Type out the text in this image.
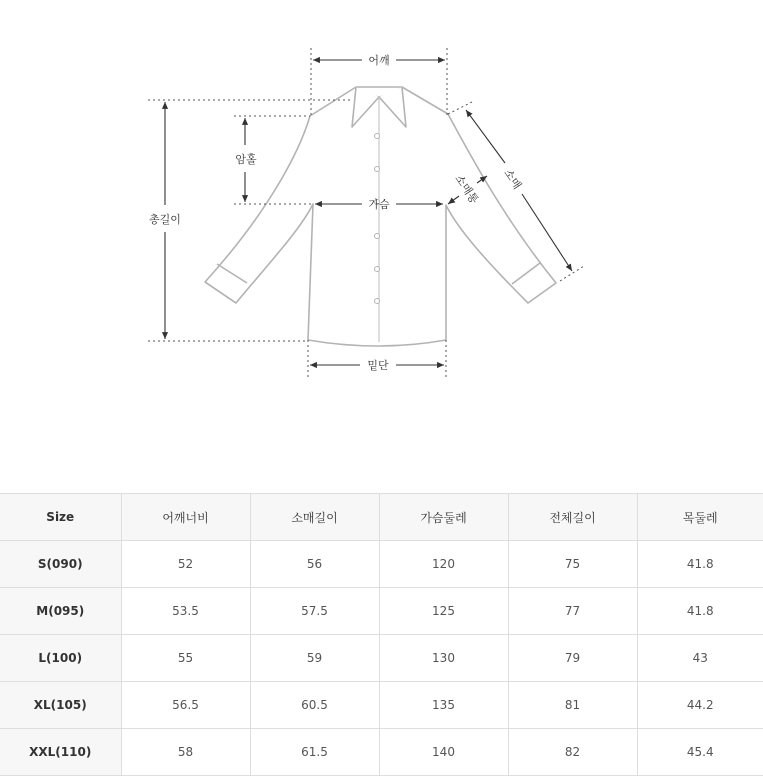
어깨
총길이
암홀
가슴
밑단
소매
소매통
Size	어깨너비	소매길이	가슴둘레	전체길이	목둘레
S(090)	52	56	120	75	41.8
M(095)	53.5	57.5	125	77	41.8
L(100)	55	59	130	79	43
XL(105)	56.5	60.5	135	81	44.2
XXL(110)	58	61.5	140	82	45.4
